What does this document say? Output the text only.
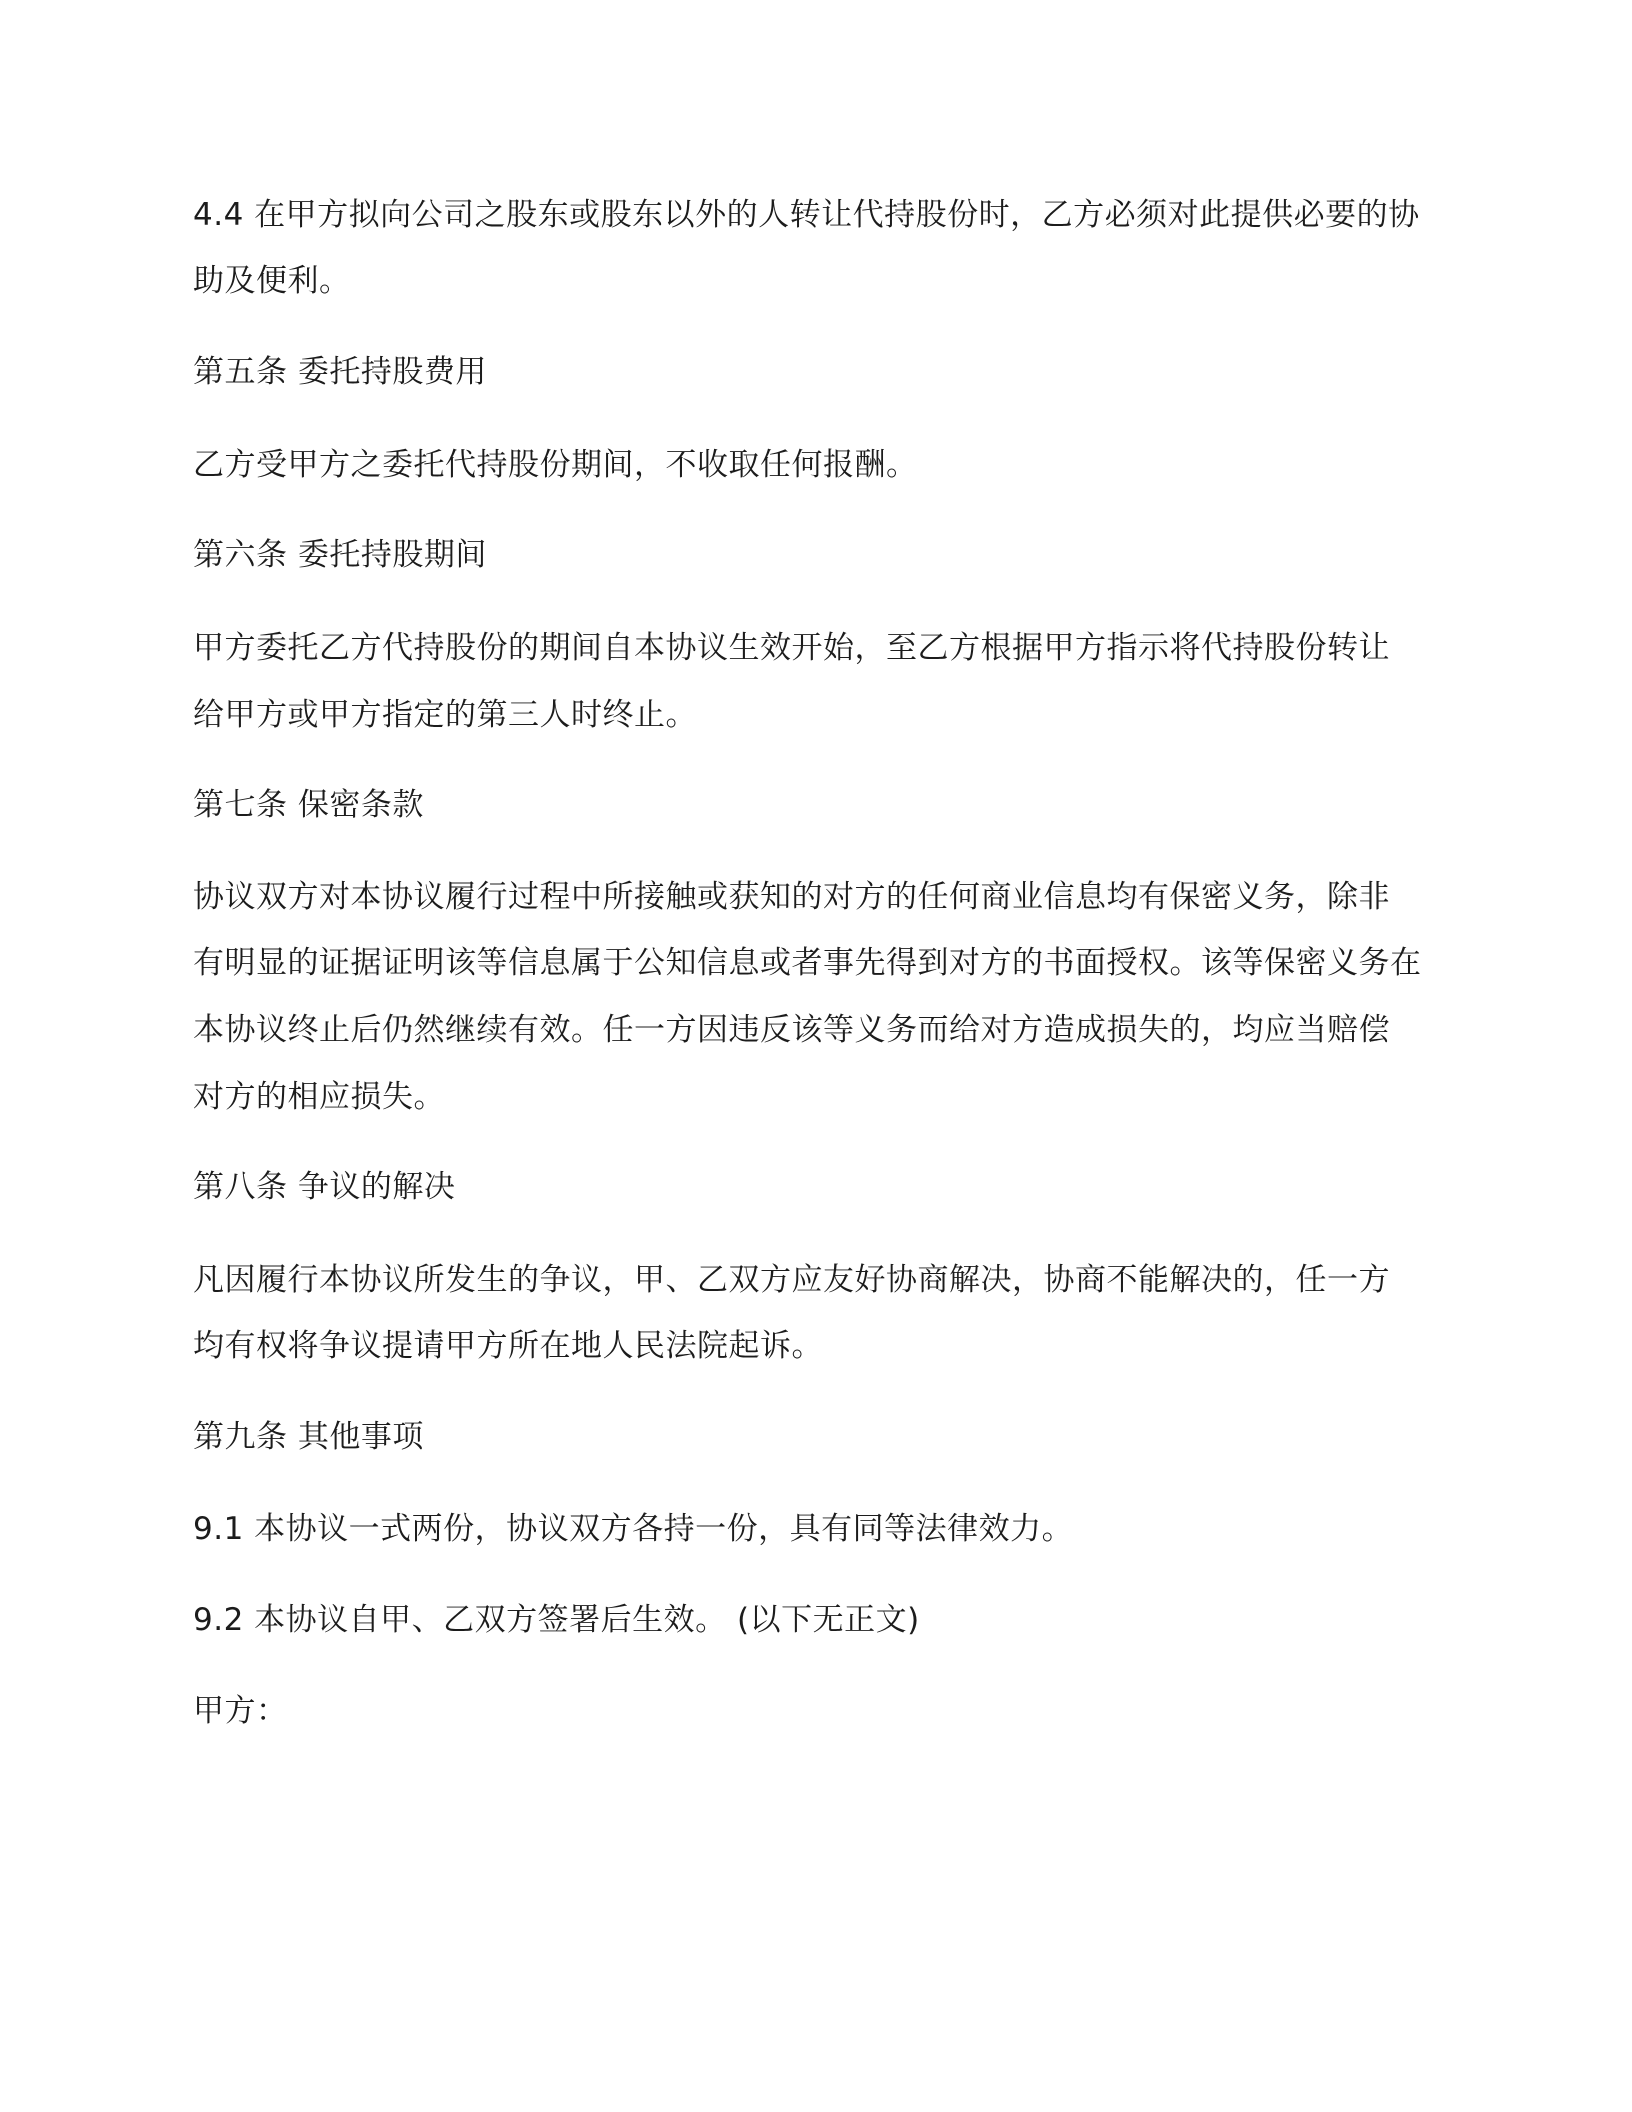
4.4 在甲方拟向公司之股东或股东以外的人转让代持股份时，乙方必须对此提供必要的协
助及便利。
第五条 委托持股费用
乙方受甲方之委托代持股份期间，不收取任何报酬。
第六条 委托持股期间
甲方委托乙方代持股份的期间自本协议生效开始，至乙方根据甲方指示将代持股份转让
给甲方或甲方指定的第三人时终止。
第七条 保密条款
协议双方对本协议履行过程中所接触或获知的对方的任何商业信息均有保密义务，除非
有明显的证据证明该等信息属于公知信息或者事先得到对方的书面授权。该等保密义务在
本协议终止后仍然继续有效。任一方因违反该等义务而给对方造成损失的，均应当赔偿
对方的相应损失。
第八条 争议的解决
凡因履行本协议所发生的争议，甲、乙双方应友好协商解决，协商不能解决的，任一方
均有权将争议提请甲方所在地人民法院起诉。
第九条 其他事项
9.1 本协议一式两份，协议双方各持一份，具有同等法律效力。
9.2 本协议自甲、乙双方签署后生效。 (以下无正文)
甲方：
